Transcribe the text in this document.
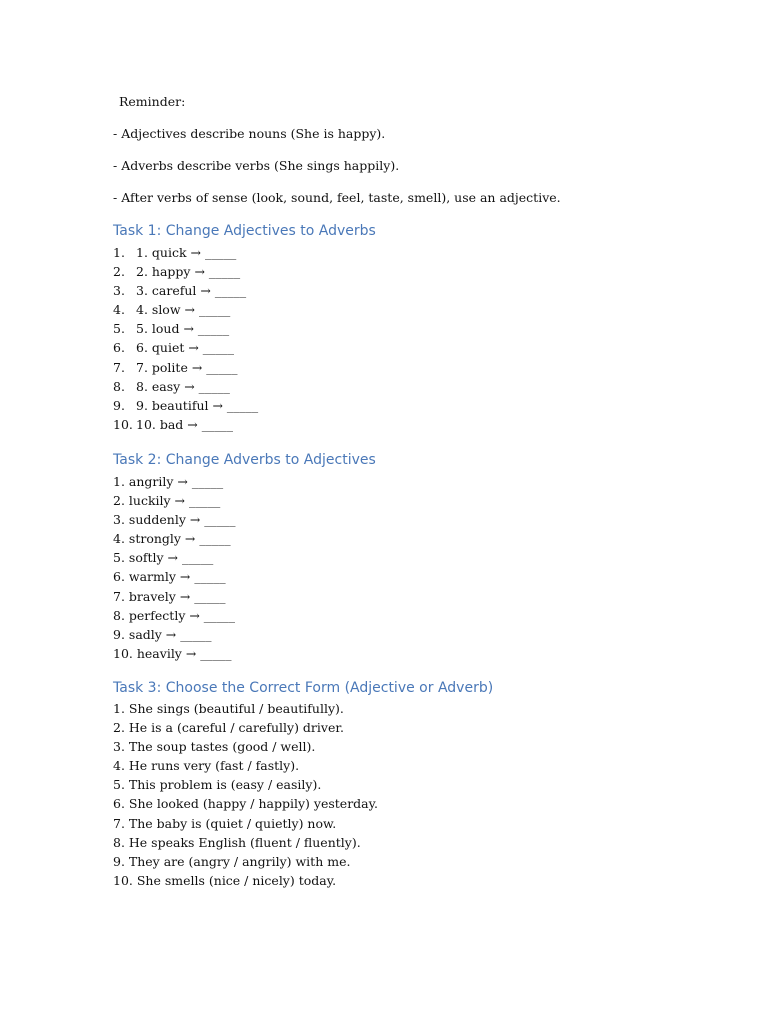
Reminder:

- Adjectives describe nouns (She is happy).

- Adverbs describe verbs (She sings happily).

- After verbs of sense (look, sound, feel, taste, smell), use an adjective.

Task 1: Change Adjectives to Adverbs
1. 1. quick → _____
2. 2. happy → _____
3. 3. careful → _____
4. 4. slow → _____
5. 5. loud → _____
6. 6. quiet → _____
7. 7. polite → _____
8. 8. easy → _____
9. 9. beautiful → _____
10. 10. bad → _____
Task 2: Change Adverbs to Adjectives
1. angrily → _____
2. luckily → _____
3. suddenly → _____
4. strongly → _____
5. softly → _____
6. warmly → _____
7. bravely → _____
8. perfectly → _____
9. sadly → _____
10. heavily → _____
Task 3: Choose the Correct Form (Adjective or Adverb)
1. She sings (beautiful / beautifully).
2. He is a (careful / carefully) driver.
3. The soup tastes (good / well).
4. He runs very (fast / fastly).
5. This problem is (easy / easily).
6. She looked (happy / happily) yesterday.
7. The baby is (quiet / quietly) now.
8. He speaks English (fluent / fluently).
9. They are (angry / angrily) with me.
10. She smells (nice / nicely) today.
